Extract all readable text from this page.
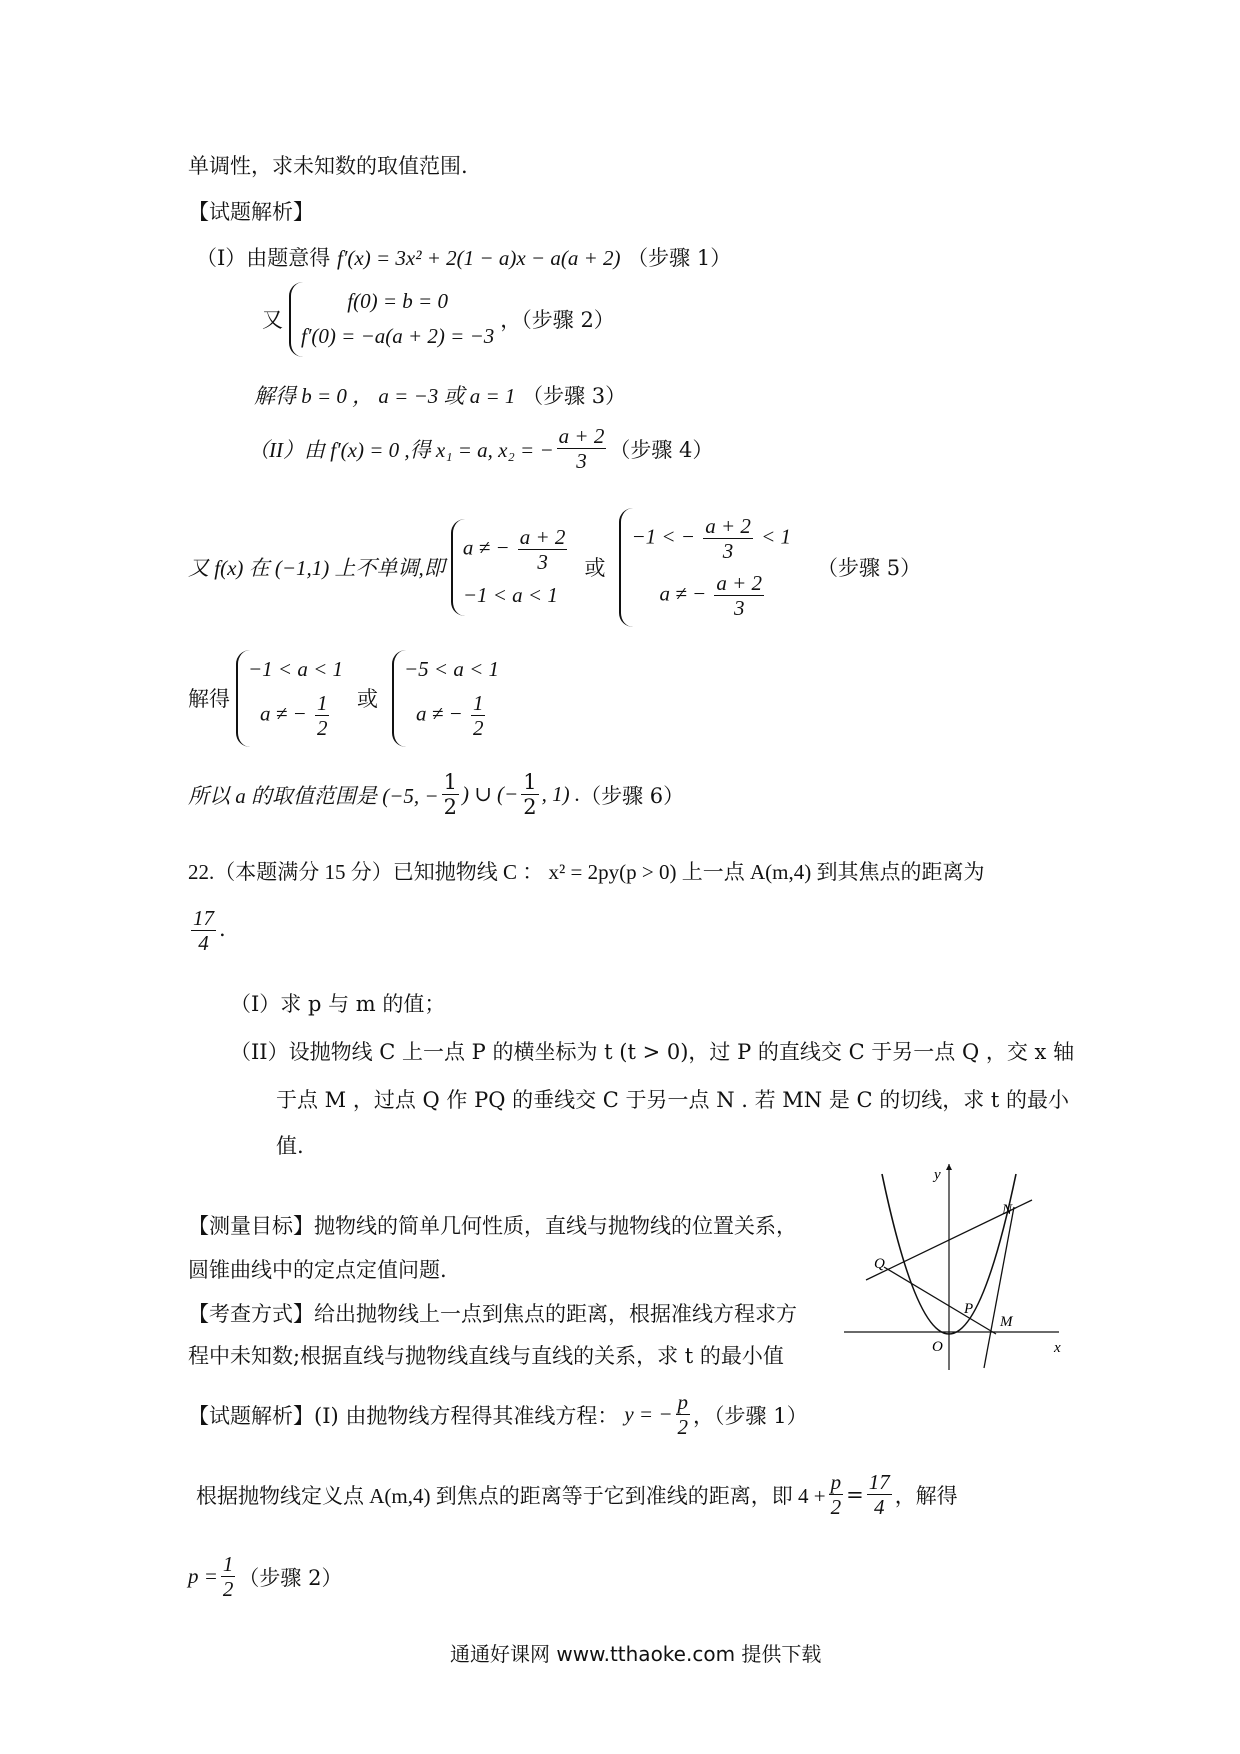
单调性，求未知数的取值范围.
【试题解析】
（I）由题意得 f′(x) = 3x² + 2(1 − a)x − a(a + 2) （步骤 1）
又
f(0) = b = 0
f′(0) = −a(a + 2) = −3
，（步骤 2）
解得 b = 0 ， a = −3 或 a = 1 （步骤 3）
（II）由 f′(x) = 0 ,得 x₁ = a, x₂ = − $\frac{a + 2}{3}$ （步骤 4）
又 f(x) 在 (−1,1) 上不单调,即
a ≠ − $\frac{a + 2}{3}$
−1 < a < 1
或
−1 < − $\frac{a + 2}{3} < 1$
a ≠ − $\frac{a + 2}{3}$
（步骤 5）
解得
−1 < a < 1
a ≠ − $\frac{1}{2}$ 或
−5 < a < 1
a ≠ − $\frac{1}{2}$
所以 a 的取值范围是 (−5, − $\frac{1}{2}$ ) ∪ (− $\frac{1}{2}$ , 1) . （步骤 6）
22.（本题满分 15 分）已知抛物线 C ： x² = 2py(p > 0) 上一点 A(m,4) 到其焦点的距离为
$\frac{17}{4}$ .
（I）求 p 与 m 的值；
（II）设抛物线 C 上一点 P 的横坐标为 t (t > 0)，过 P 的直线交 C 于另一点 Q ，交 x 轴
于点 M ，过点 Q 作 PQ 的垂线交 C 于另一点 N . 若 MN 是 C 的切线，求 t 的最小
值.
【测量目标】抛物线的简单几何性质，直线与抛物线的位置关系，
圆锥曲线中的定点定值问题.
【考查方式】给出抛物线上一点到焦点的距离，根据准线方程求方
程中未知数;根据直线与抛物线直线与直线的关系，求 t 的最小值
y
x
O
N
Q
P
M
【试题解析】(I) 由抛物线方程得其准线方程： y = − $\frac{p}{2}$ ，（步骤 1）
根据抛物线定义点 A(m,4) 到焦点的距离等于它到准线的距离，即 $4 + \frac{p}{2} = \frac{17}{4}$ ，解得
$p = \frac{1}{2}$ （步骤 2）
通通好课网 www.tthaoke.com 提供下载
